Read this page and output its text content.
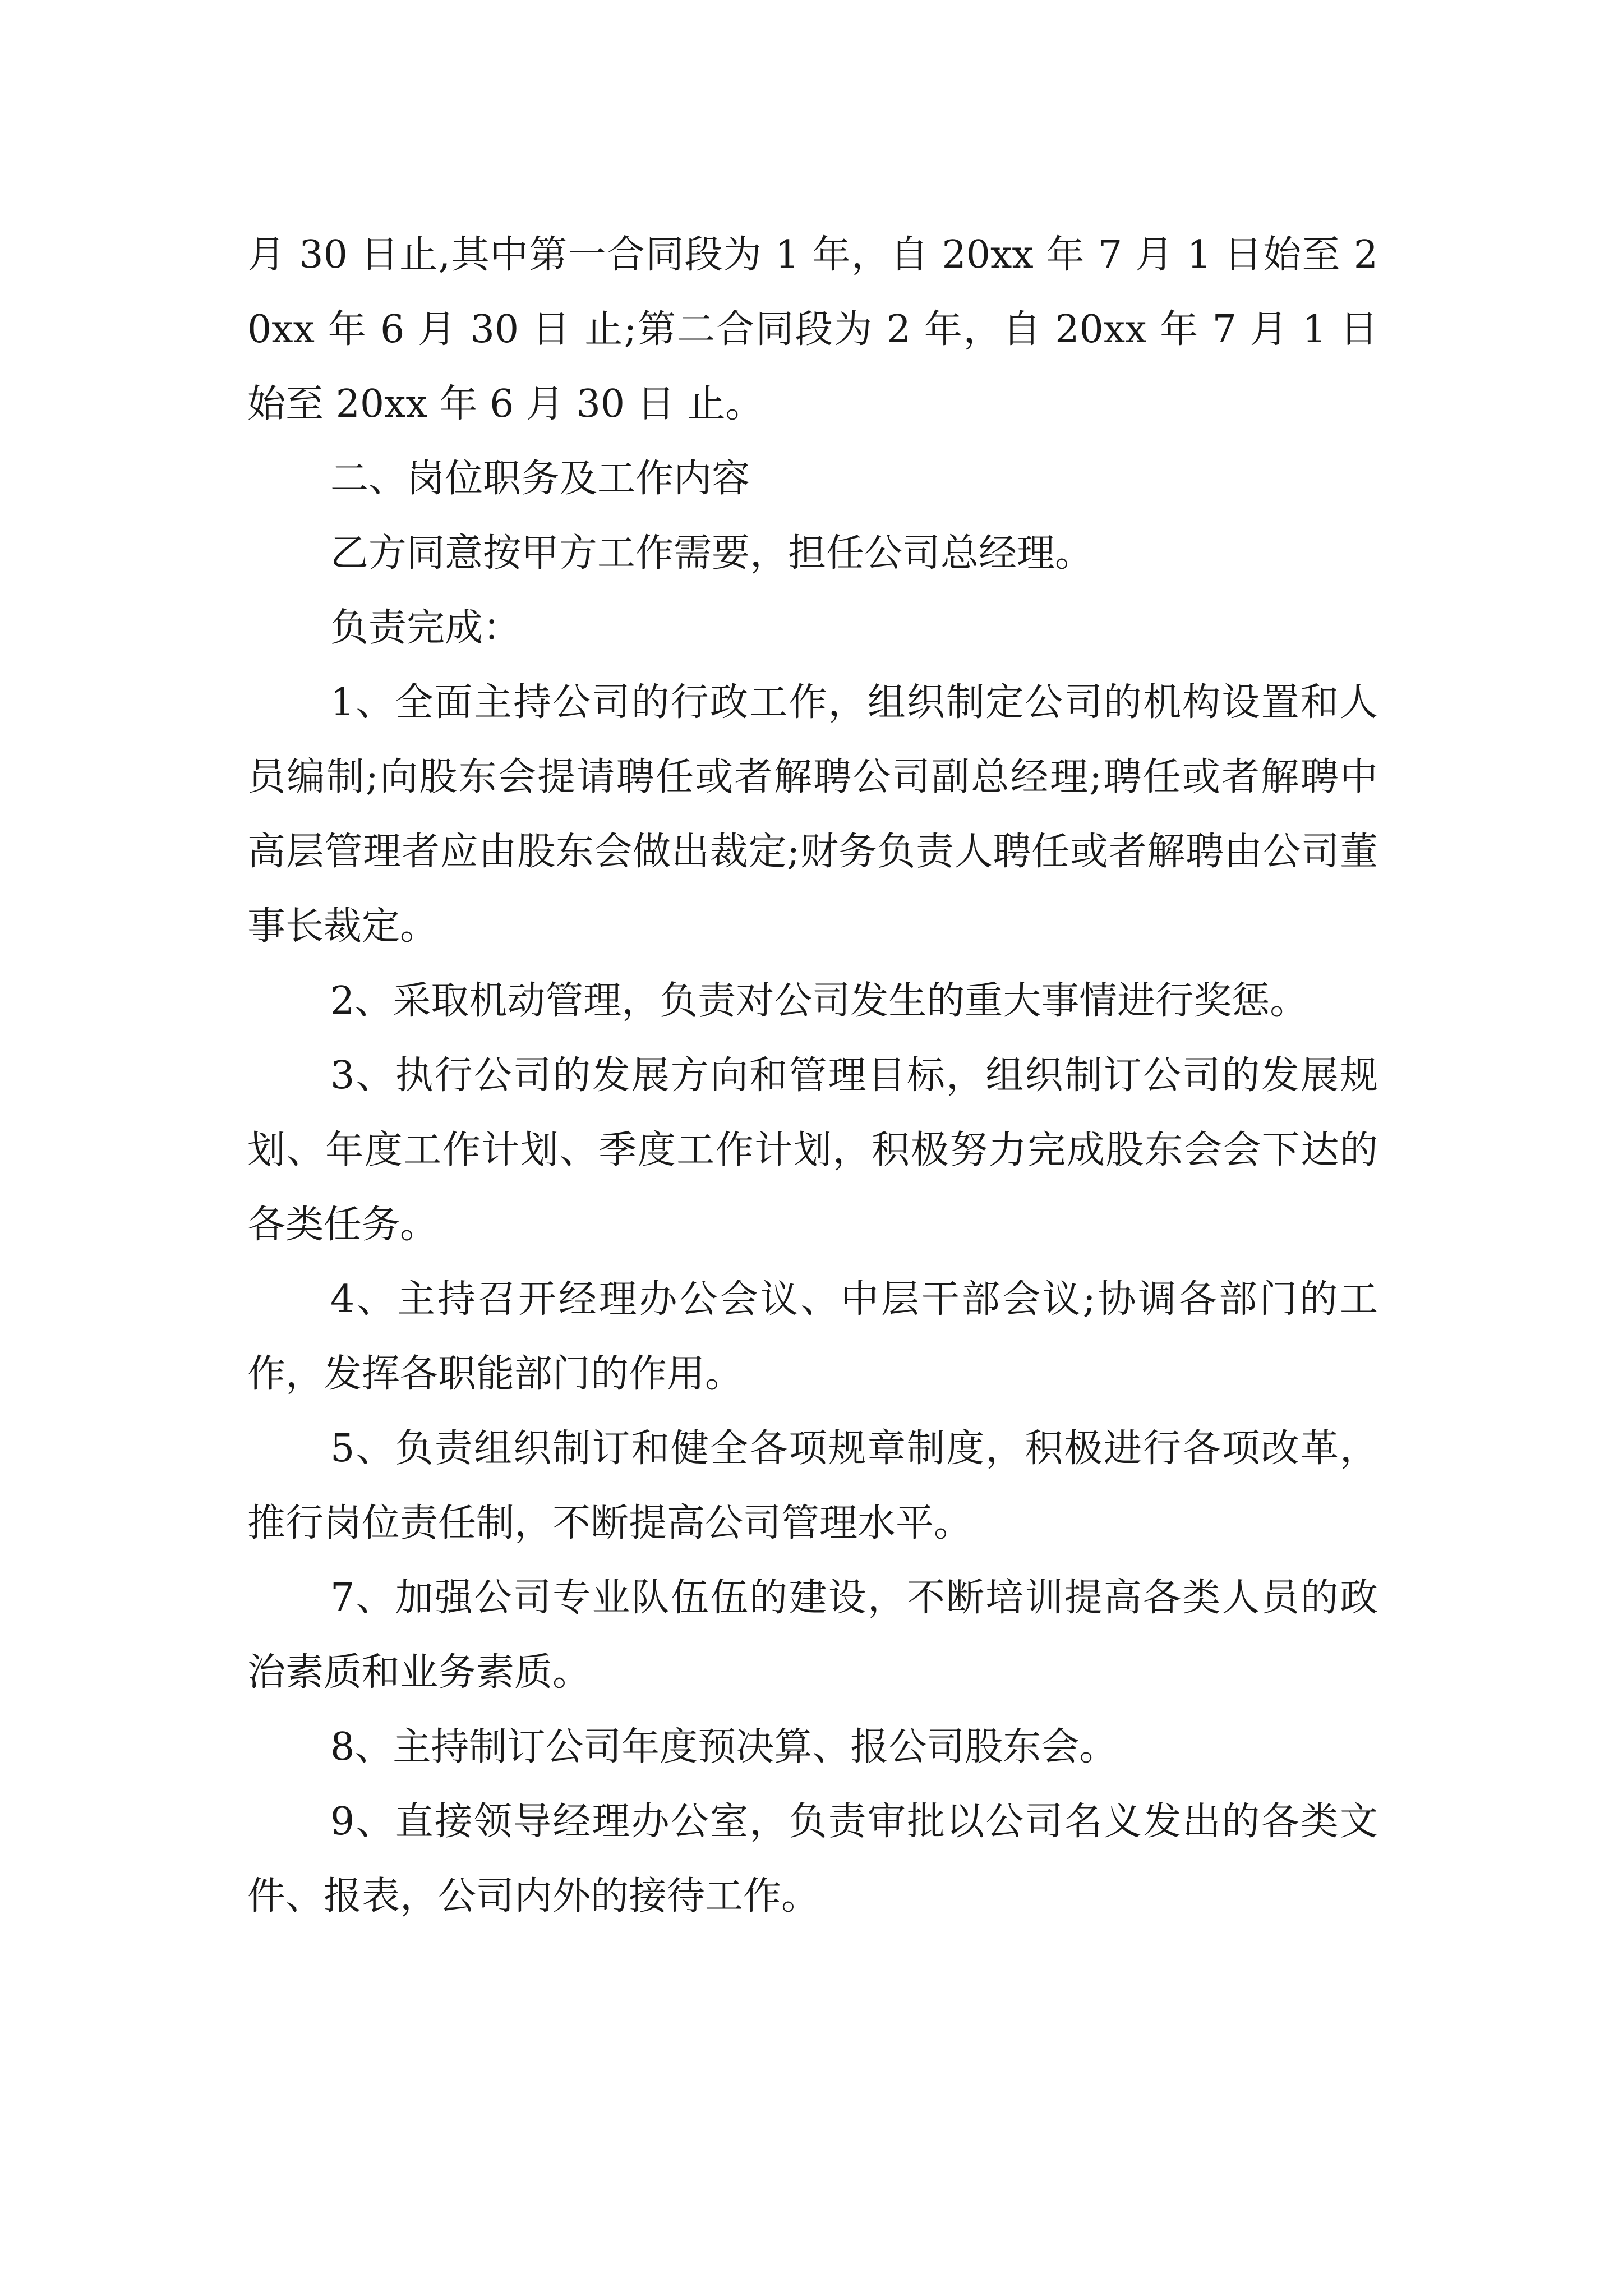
月 30 日止,其中第一合同段为 1 年，自 20xx 年 7 月 1 日始至 20xx 年 6 月 30 日 止;第二合同段为 2 年，自 20xx 年 7 月 1 日始至 20xx 年 6 月 30 日 止。

二、岗位职务及工作内容

乙方同意按甲方工作需要，担任公司总经理。

负责完成：

1、全面主持公司的行政工作，组织制定公司的机构设置和人员编制;向股东会提请聘任或者解聘公司副总经理;聘任或者解聘中高层管理者应由股东会做出裁定;财务负责人聘任或者解聘由公司董事长裁定。

2、采取机动管理，负责对公司发生的重大事情进行奖惩。

3、执行公司的发展方向和管理目标，组织制订公司的发展规划、年度工作计划、季度工作计划，积极努力完成股东会会下达的各类任务。

4、主持召开经理办公会议、中层干部会议;协调各部门的工作，发挥各职能部门的作用。

5、负责组织制订和健全各项规章制度，积极进行各项改革，推行岗位责任制，不断提高公司管理水平。

7、加强公司专业队伍伍的建设，不断培训提高各类人员的政治素质和业务素质。

8、主持制订公司年度预决算、报公司股东会。

9、直接领导经理办公室，负责审批以公司名义发出的各类文件、报表，公司内外的接待工作。
